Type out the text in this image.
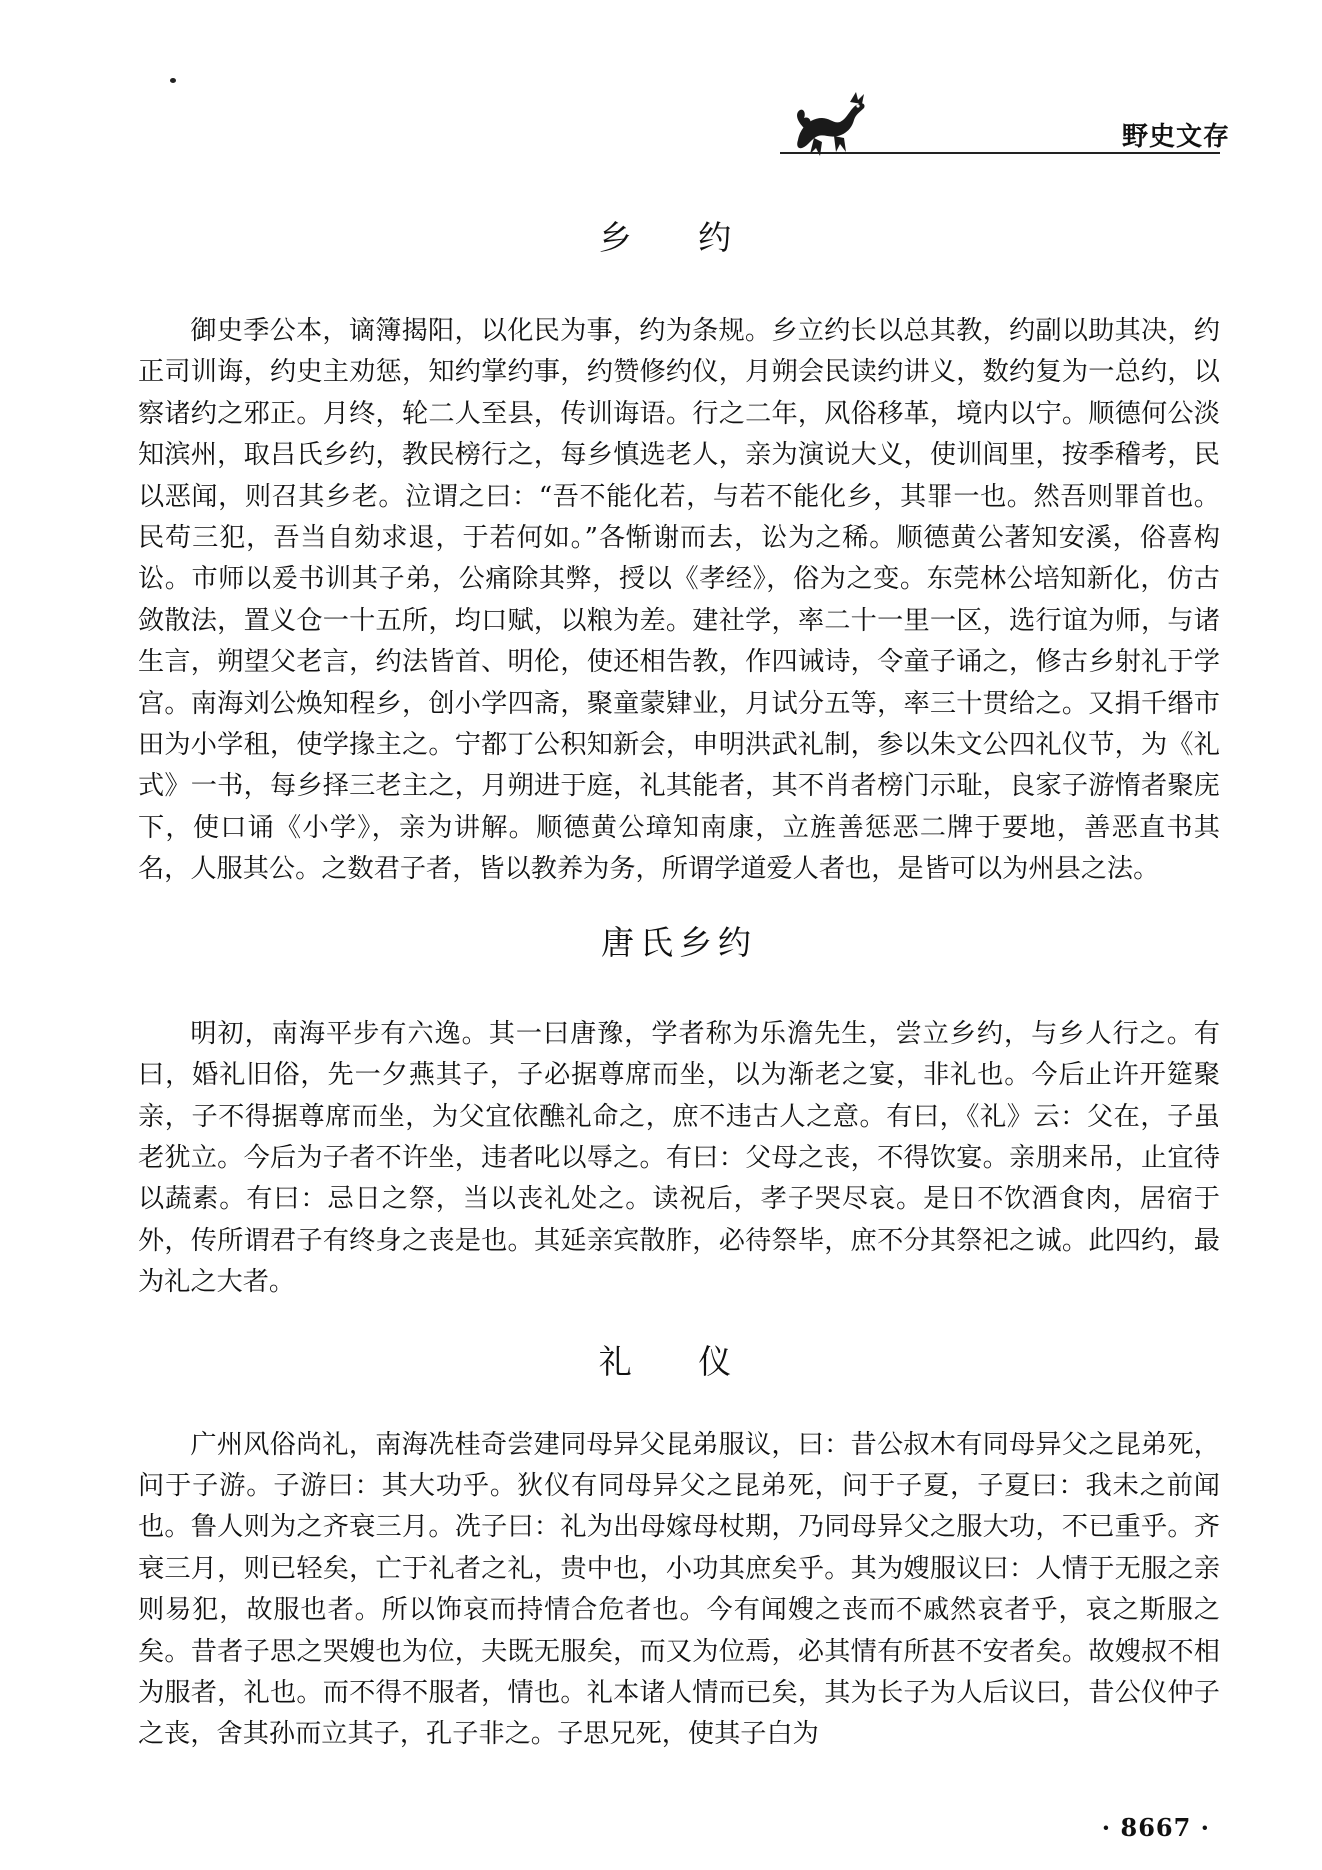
野史文存
乡 约

御史季公本，谪簿揭阳，以化民为事，约为条规。乡立约长以总其教，约副以助其决，约正司训诲，约史主劝惩，知约掌约事，约赞修约仪，月朔会民读约讲义，数约复为一总约，以察诸约之邪正。月终，轮二人至县，传训诲语。行之二年，风俗移革，境内以宁。顺德何公淡知滨州，取吕氏乡约，教民榜行之，每乡慎选老人，亲为演说大义，使训闾里，按季稽考，民以恶闻，则召其乡老。泣谓之曰：“吾不能化若，与若不能化乡，其罪一也。然吾则罪首也。民苟三犯，吾当自劾求退，于若何如。”各惭谢而去，讼为之稀。顺德黄公著知安溪，俗喜构讼。市师以爰书训其子弟，公痛除其弊，授以《孝经》，俗为之变。东莞林公培知新化，仿古敛散法，置义仓一十五所，均口赋，以粮为差。建社学，率二十一里一区，选行谊为师，与诸生言，朔望父老言，约法皆首、明伦，使还相告教，作四诫诗，令童子诵之，修古乡射礼于学宫。南海刘公焕知程乡，创小学四斋，聚童蒙肄业，月试分五等，率三十贯给之。又捐千缗市田为小学租，使学掾主之。宁都丁公积知新会，申明洪武礼制，参以朱文公四礼仪节，为《礼式》一书，每乡择三老主之，月朔进于庭，礼其能者，其不肖者榜门示耻，良家子游惰者聚庑下，使口诵《小学》，亲为讲解。顺德黄公璋知南康，立旌善惩恶二牌于要地，善恶直书其名，人服其公。之数君子者，皆以教养为务，所谓学道爱人者也，是皆可以为州县之法。

唐氏乡约

明初，南海平步有六逸。其一曰唐豫，学者称为乐澹先生，尝立乡约，与乡人行之。有曰，婚礼旧俗，先一夕燕其子，子必据尊席而坐，以为渐老之宴，非礼也。今后止许开筵聚亲，子不得据尊席而坐，为父宜依醮礼命之，庶不违古人之意。有曰，《礼》云：父在，子虽老犹立。今后为子者不许坐，违者叱以辱之。有曰：父母之丧，不得饮宴。亲朋来吊，止宜待以蔬素。有曰：忌日之祭，当以丧礼处之。读祝后，孝子哭尽哀。是日不饮酒食肉，居宿于外，传所谓君子有终身之丧是也。其延亲宾散胙，必待祭毕，庶不分其祭祀之诚。此四约，最为礼之大者。

礼 仪

广州风俗尚礼，南海冼桂奇尝建同母异父昆弟服议，曰：昔公叔木有同母异父之昆弟死，问于子游。子游曰：其大功乎。狄仪有同母异父之昆弟死，问于子夏，子夏曰：我未之前闻也。鲁人则为之齐衰三月。冼子曰：礼为出母嫁母杖期，乃同母异父之服大功，不已重乎。齐衰三月，则已轻矣，亡于礼者之礼，贵中也，小功其庶矣乎。其为嫂服议曰：人情于无服之亲则易犯，故服也者。所以饰哀而持情合危者也。今有闻嫂之丧而不戚然哀者乎，哀之斯服之矣。昔者子思之哭嫂也为位，夫既无服矣，而又为位焉，必其情有所甚不安者矣。故嫂叔不相为服者，礼也。而不得不服者，情也。礼本诸人情而已矣，其为长子为人后议曰，昔公仪仲子之丧，舍其孙而立其子，孔子非之。子思兄死，使其子白为

· 8667 ·
